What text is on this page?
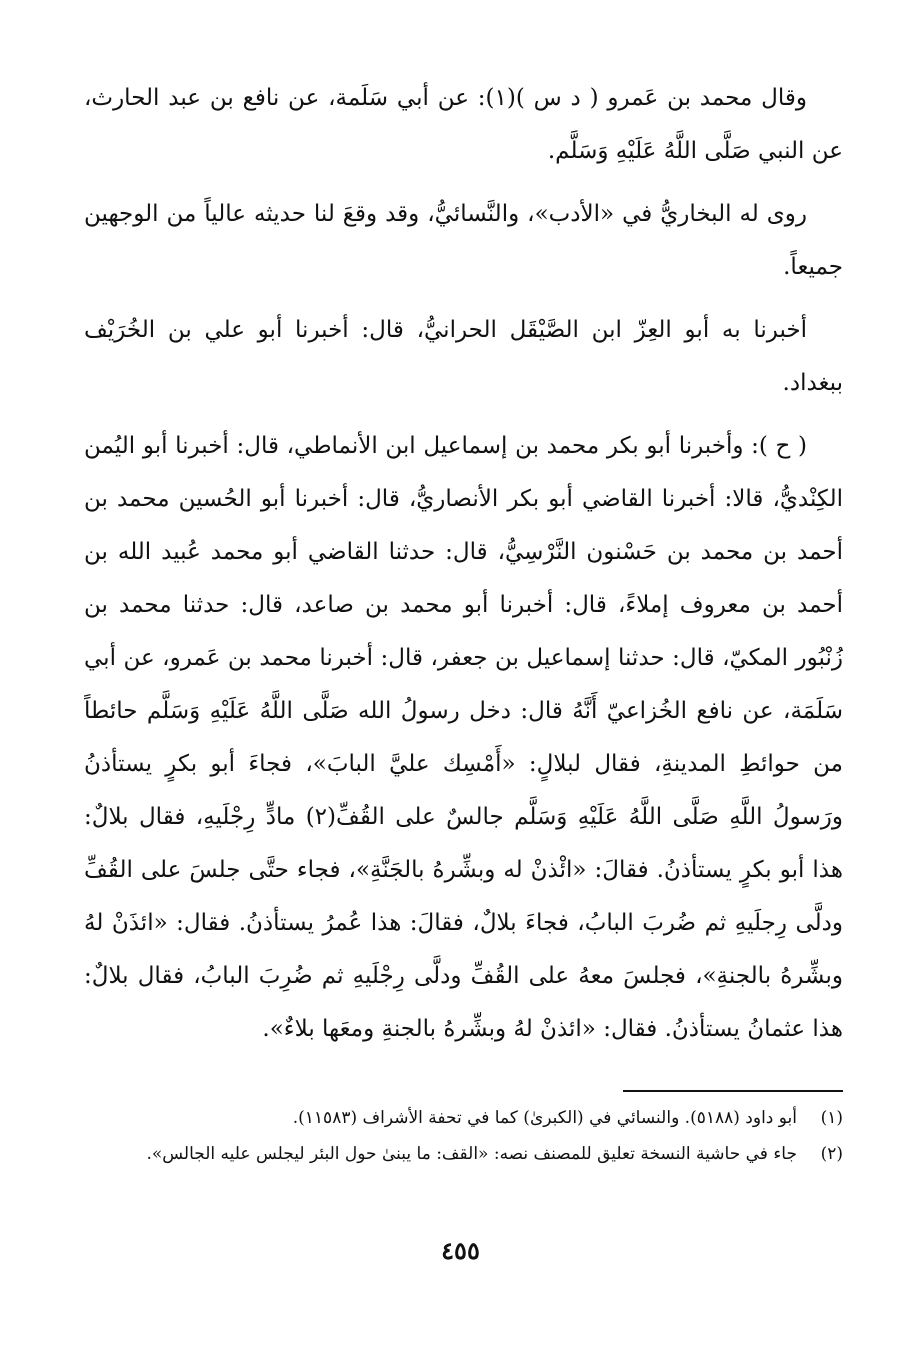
وقال محمد بن عَمرو ( د س )(١): عن أبي سَلَمة، عن نافع بن عبد الحارث، عن النبي صَلَّى اللَّهُ عَلَيْهِ وَسَلَّم.

روى له البخاريُّ في «الأدب»، والنَّسائيُّ، وقد وقعَ لنا حديثه عالياً من الوجهين جميعاً.

أخبرنا به أبو العِزّ ابن الصَّيْقَل الحرانيُّ، قال: أخبرنا أبو علي بن الخُرَيْف ببغداد.

( ح ): وأخبرنا أبو بكر محمد بن إسماعيل ابن الأنماطي، قال: أخبرنا أبو اليُمن الكِنْديُّ، قالا: أخبرنا القاضي أبو بكر الأنصاريُّ، قال: أخبرنا أبو الحُسين محمد بن أحمد بن محمد بن حَسْنون النَّرْسِيُّ، قال: حدثنا القاضي أبو محمد عُبيد الله بن أحمد بن معروف إملاءً، قال: أخبرنا أبو محمد بن صاعد، قال: حدثنا محمد بن زُنْبُور المكيّ، قال: حدثنا إسماعيل بن جعفر، قال: أخبرنا محمد بن عَمرو، عن أبي سَلَمَة، عن نافع الخُزاعيّ أَنَّهُ قال: دخل رسولُ الله صَلَّى اللَّهُ عَلَيْهِ وَسَلَّم حائطاً من حوائطِ المدينةِ، فقال لبلالٍ: «أَمْسِك عليَّ البابَ»، فجاءَ أبو بكرٍ يستأذنُ ورَسولُ اللَّهِ صَلَّى اللَّهُ عَلَيْهِ وَسَلَّم جالسٌ على القُفِّ(٢) مادٍّ رِجْلَيهِ، فقال بلالٌ: هذا أبو بكرٍ يستأذنُ. فقالَ: «ائْذنْ له وبشِّرهُ بالجَنَّةِ»، فجاء حتَّى جلسَ على القُفِّ ودلَّى رِجلَيهِ ثم ضُربَ البابُ، فجاءَ بلالٌ، فقالَ: هذا عُمرُ يستأذنُ. فقال: «ائذَنْ لهُ وبشِّرهُ بالجنةِ»، فجلسَ معهُ على القُفِّ ودلَّى رِجْلَيهِ ثم ضُرِبَ البابُ، فقال بلالٌ: هذا عثمانُ يستأذنُ. فقال: «ائذنْ لهُ وبشِّرهُ بالجنةِ ومعَها بلاءٌ».

(١)
أبو داود (٥١٨٨). والنسائي في (الكبرىٰ) كما في تحفة الأشراف (١١٥٨٣).
(٢)
جاء في حاشية النسخة تعليق للمصنف نصه: «القف: ما يبنىٰ حول البئر ليجلس عليه الجالس».
٤٥٥
